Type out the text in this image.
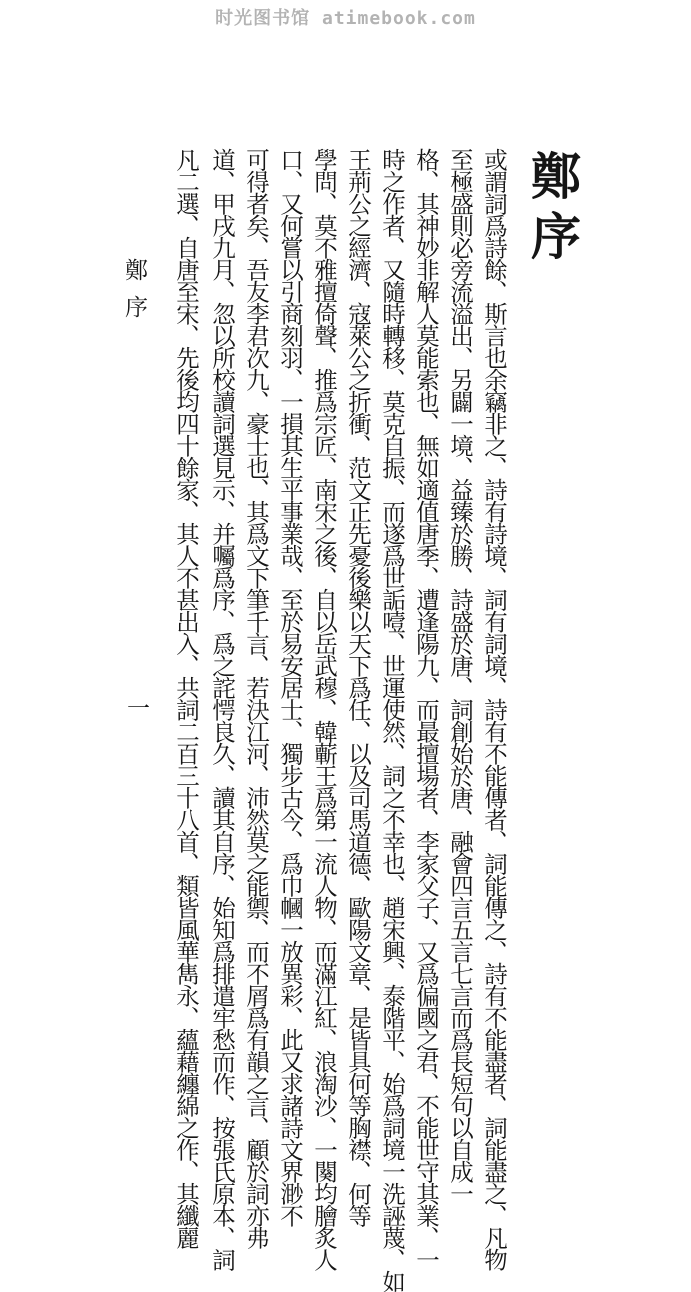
时光图书馆 atimebook.com
鄭序
或謂詞爲詩餘、斯言也余竊非之、詩有詩境、詞有詞境、詩有不能傳者、詞能傳之、詩有不能盡者、詞能盡之、凡物
至極盛則必旁流溢出、另闢一境、益臻於勝、詩盛於唐、詞創始於唐、融會四言五言七言而爲長短句以自成一
格、其神妙非解人莫能索也、無如適值唐季、遭逢陽九、而最擅場者、李家父子、又爲偏國之君、不能世守其業、一
時之作者、又隨時轉移、莫克自振、而遂爲世詬噎、世運使然、詞之不幸也、趙宋興、泰階平、始爲詞境一洗誣蔑、如
王荊公之經濟、寇萊公之折衝、范文正先憂後樂以天下爲任、以及司馬道德、歐陽文章、是皆具何等胸襟、何等
學問、莫不雅擅倚聲、推爲宗匠、南宋之後、自以岳武穆、韓蘄王爲第一流人物、而滿江紅、浪淘沙、一闋均膾炙人
口、又何嘗以引商刻羽、一損其生平事業哉、至於易安居士、獨步古今、爲巾幗一放異彩、此又求諸詩文界渺不
可得者矣、吾友李君次九、豪士也、其爲文下筆千言、若決江河、沛然莫之能禦、而不屑爲有韻之言、顧於詞亦弗
道、甲戌九月、忽以所校讀詞選見示、并囑爲序、爲之詫愕良久、讀其自序、始知爲排遣牢愁而作、按張氏原本、詞
凡二選、自唐至宋、先後均四十餘家、其人不甚出入、共詞二百三十八首、類皆風華雋永、蘊藉纏綿之作、其纖麗
鄭序
一
